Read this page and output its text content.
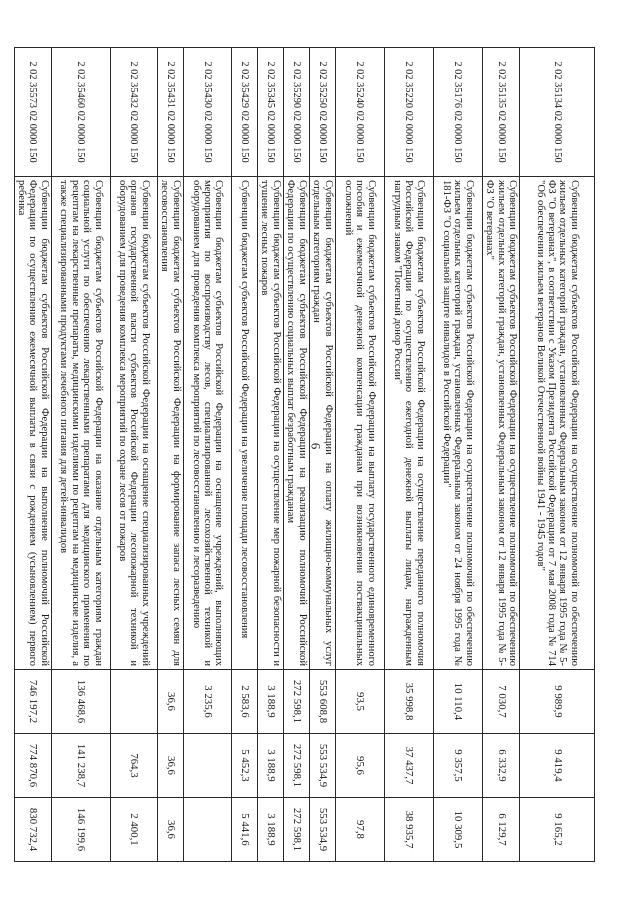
6
2 02 35134 02 0000 150	Субвенции бюджетам субъектов Российской Федерации на осуществление полномочий по обеспечению жильем отдельных категорий граждан, установленных Федеральным законом от 12 января 1995 года № 5-ФЗ "О ветеранах", в соответствии с Указом Президента Российской Федерации от 7 мая 2008 года № 714 "Об обеспечении жильем ветеранов Великой Отечественной войны 1941 - 1945 годов"	9 989,9	9 419,4	9 165,2
2 02 35135 02 0000 150	Субвенции бюджетам субъектов Российской Федерации на осуществление полномочий по обеспечению жильем отдельных категорий граждан, установленных Федеральным законом от 12 января 1995 года № 5-ФЗ "О ветеранах"	7 030,7	6 332,9	6 129,7
2 02 35176 02 0000 150	Субвенции бюджетам субъектов Российской Федерации на осуществление полномочий по обеспечению жильем отдельных категорий граждан, установленных Федеральным законом от 24 ноября 1995 года № 181-ФЗ "О социальной защите инвалидов в Российской Федерации"	10 110,4	9 357,5	10 309,5
2 02 35220 02 0000 150	Субвенции бюджетам субъектов Российской Федерации на осуществление переданного полномочия Российской Федерации по осуществлению ежегодной денежной выплаты лицам, награжденным нагрудным знаком "Почетный донор России"	35 998,8	37 437,7	38 935,7
2 02 35240 02 0000 150	Субвенции бюджетам субъектов Российской Федерации на выплату государственного единовременного пособия и ежемесячной денежной компенсации гражданам при возникновении поствакцинальных осложнений	93,5	95,6	97,8
2 02 35250 02 0000 150	Субвенции бюджетам субъектов Российской Федерации на оплату жилищно-коммунальных услуг отдельным категориям граждан	553 608,8	553 534,9	553 534,9
2 02 35290 02 0000 150	Субвенции бюджетам субъектов Российской Федерации на реализацию полномочий Российской Федерации по осуществлению социальных выплат безработным гражданам	272 598,1	272 598,1	272 598,1
2 02 35345 02 0000 150	Субвенции бюджетам субъектов Российской Федерации на осуществление мер пожарной безопасности и тушение лесных пожаров	3 188,9	3 188,9	3 188,9
2 02 35429 02 0000 150	Субвенции бюджетам субъектов Российской Федерации на увеличение площади лесовосстановления	2 583,6	5 452,3	5 441,6
2 02 35430 02 0000 150	Субвенции бюджетам субъектов Российской Федерации на оснащение учреждений, выполняющих мероприятия по воспроизводству лесов, специализированной лесохозяйственной техникой и оборудованием для проведения комплекса мероприятий по лесовосстановлению и лесоразведению	3 235,6		
2 02 35431 02 0000 150	Субвенции бюджетам субъектов Российской Федерации на формирование запаса лесных семян для лесовосстановления	36,6	36,6	36,6
2 02 35432 02 0000 150	Субвенции бюджетам субъектов Российской Федерации на оснащение специализированных учреждений органов государственной власти субъектов Российской Федерации лесопожарной техникой и оборудованием для проведения комплекса мероприятий по охране лесов от пожаров		764,3	2 400,1
2 02 35460 02 0000 150	Субвенции бюджетам субъектов Российской Федерации на оказание отдельным категориям граждан социальной услуги по обеспечению лекарственными препаратами для медицинского применения по рецептам на лекарственные препараты, медицинскими изделиями по рецептам на медицинские изделия, а также специализированными продуктами лечебного питания для детей-инвалидов	136 468,6	141 238,7	146 199,6
2 02 35573 02 0000 150	Субвенции бюджетам субъектов Российской Федерации на выполнение полномочий Российской Федерации по осуществлению ежемесячной выплаты в связи с рождением (усыновлением) первого ребенка	746 197,2	774 870,6	830 732,4
